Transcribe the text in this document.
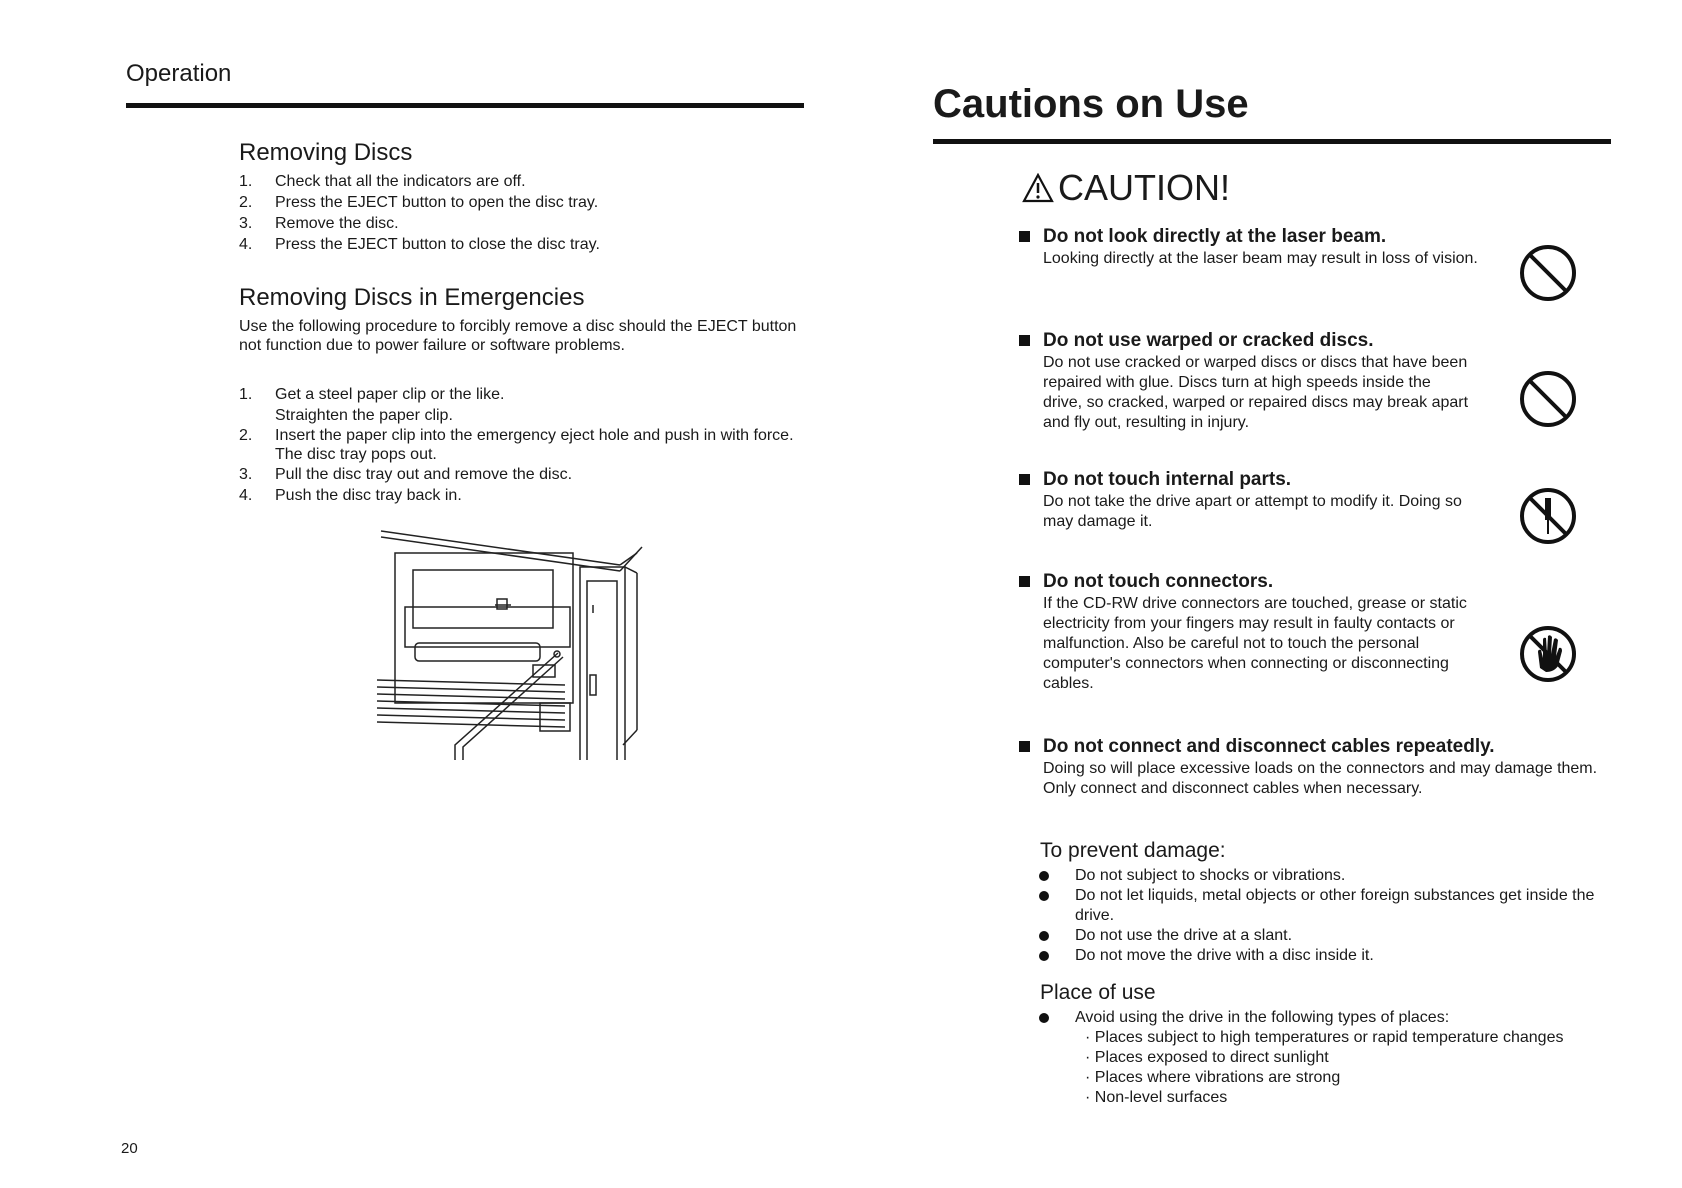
Operation
Removing Discs
1. Check that all the indicators are off.
2. Press the EJECT button to open the disc tray.
3. Remove the disc.
4. Press the EJECT button to close the disc tray.
Removing Discs in Emergencies
Use the following procedure to forcibly remove a disc should the EJECT button not function due to power failure or software problems.
1. Get a steel paper clip or the like.
Straighten the paper clip.
2. Insert the paper clip into the emergency eject hole and push in with force. The disc tray pops out.
3. Pull the disc tray out and remove the disc.
4. Push the disc tray back in.
20
Cautions on Use
CAUTION!
Do not look directly at the laser beam.
Looking directly at the laser beam may result in loss of vision.
Do not use warped or cracked discs.
Do not use cracked or warped discs or discs that have been repaired with glue. Discs turn at high speeds inside the drive, so cracked, warped or repaired discs may break apart and fly out, resulting in injury.
Do not touch internal parts.
Do not take the drive apart or attempt to modify it. Doing so may damage it.
Do not touch connectors.
If the CD-RW drive connectors are touched, grease or static electricity from your fingers may result in faulty contacts or malfunction. Also be careful not to touch the personal computer's connectors when connecting or disconnecting cables.
Do not connect and disconnect cables repeatedly.
Doing so will place excessive loads on the connectors and may damage them. Only connect and disconnect cables when necessary.
To prevent damage:
Do not subject to shocks or vibrations.
Do not let liquids, metal objects or other foreign substances get inside the drive.
Do not use the drive at a slant.
Do not move the drive with a disc inside it.
Place of use
Avoid using the drive in the following types of places:
· Places subject to high temperatures or rapid temperature changes
· Places exposed to direct sunlight
· Places where vibrations are strong
· Non-level surfaces
